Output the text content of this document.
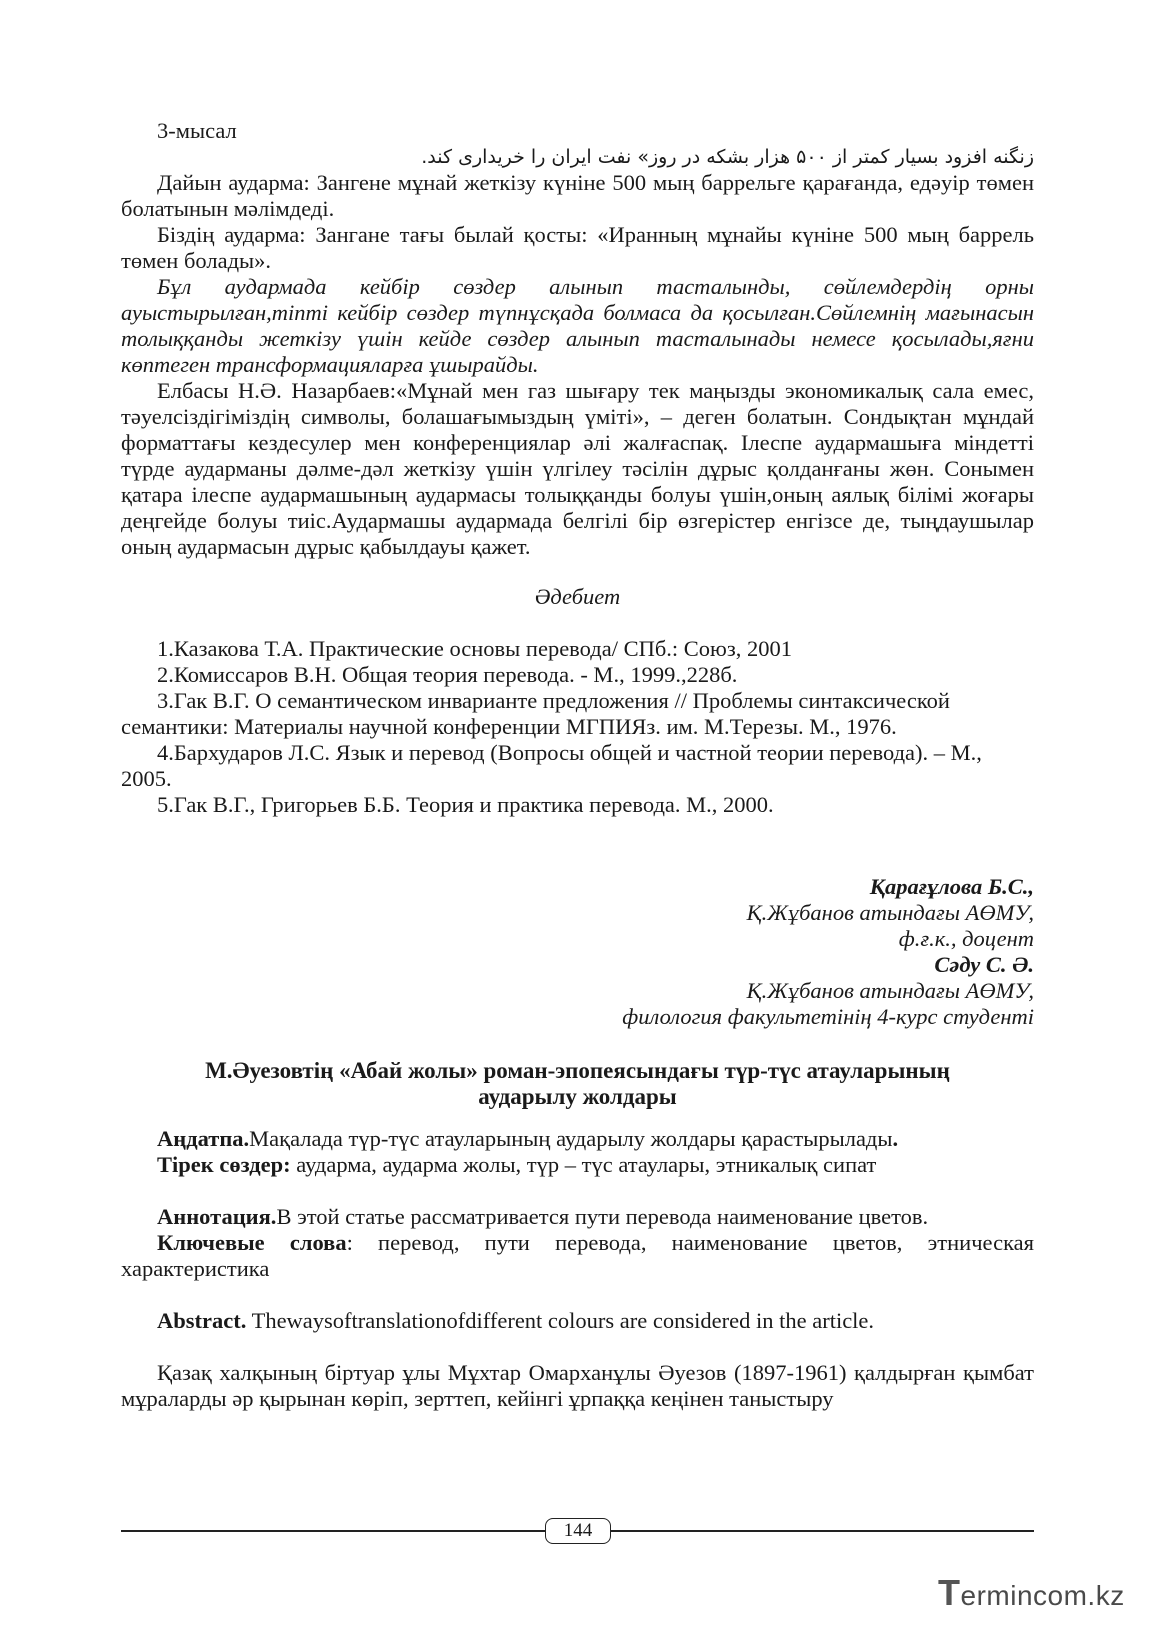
3-мысал

زنگنه افزود بسیار کمتر از ۵۰۰ هزار بشکه در روز» نفت ایران را خریداری کند.

Дайын аударма: Зангене мұнай жеткізу күніне 500 мың баррельге қарағанда, едәуір төмен болатынын мәлімдеді.

Біздің аударма: Зангане тағы былай қосты: «Иранның мұнайы күніне 500 мың баррель төмен болады».

Бұл аудармада кейбір сөздер алынып тасталынды, сөйлемдердің орны ауыстырылған,тіпті кейбір сөздер түпнұсқада болмаса да қосылған.Сөйлемнің мағынасын толыққанды жеткізу үшін кейде сөздер алынып тасталынады немесе қосылады,яғни көптеген трансформацияларға ұшырайды.

Елбасы Н.Ә. Назарбаев:«Мұнай мен газ шығару тек маңызды экономикалық сала емес, тәуелсіздігіміздің символы, болашағымыздың үміті», – деген болатын. Сондықтан мұндай форматтағы кездесулер мен конференциялар әлі жалғаспақ. Ілеспе аудармашыға міндетті түрде аударманы дәлме-дәл жеткізу үшін үлгілеу тәсілін дұрыс қолданғаны жөн. Сонымен қатара ілеспе аудармашының аудармасы толыққанды болуы үшін,оның аялық білімі жоғары деңгейде болуы тиіс.Аудармашы аудармада белгілі бір өзгерістер енгізсе де, тыңдаушылар оның аудармасын дұрыс қабылдауы қажет.

Әдебиет

1.Казакова Т.А. Практические основы перевода/ СПб.: Союз, 2001

2.Комиссаров В.Н. Общая теория перевода. - М., 1999.,228б.

3.Гак В.Г. О семантическом инварианте предложения // Проблемы синтаксической семантики: Материалы научной конференции МГПИЯз. им. М.Терезы. М., 1976.

4.Бархударов Л.С. Язык и перевод (Вопросы общей и частной теории перевода). – М., 2005.

5.Гак В.Г., Григорьев Б.Б. Теория и практика перевода. М., 2000.

Қарағұлова Б.С.,
Қ.Жұбанов атындағы АӨМУ,
ф.ғ.к., доцент
Сәду С. Ә.
Қ.Жұбанов атындағы АӨМУ,
филология факультетінің 4-курс студенті
М.Әуезовтің «Абай жолы» роман-эпопеясындағы түр-түс атауларының
аударылу жолдары

Аңдатпа.Мақалада түр-түс атауларының аударылу жолдары қарастырылады.

Тірек сөздер: аударма, аударма жолы, түр – түс атаулары, этникалық сипат

Аннотация.В этой статье рассматривается пути перевода наименование цветов.

Ключевые слова: перевод, пути перевода, наименование цветов, этническая характеристика

Abstract. Thewaysoftranslationofdifferent colours are considered in the article.

Қазақ халқының біртуар ұлы Мұхтар Омарханұлы Әуезов (1897-1961) қалдырған қымбат мұраларды әр қырынан көріп, зерттеп, кейінгі ұрпаққа кеңінен таныстыру

144
Termincom.kz
